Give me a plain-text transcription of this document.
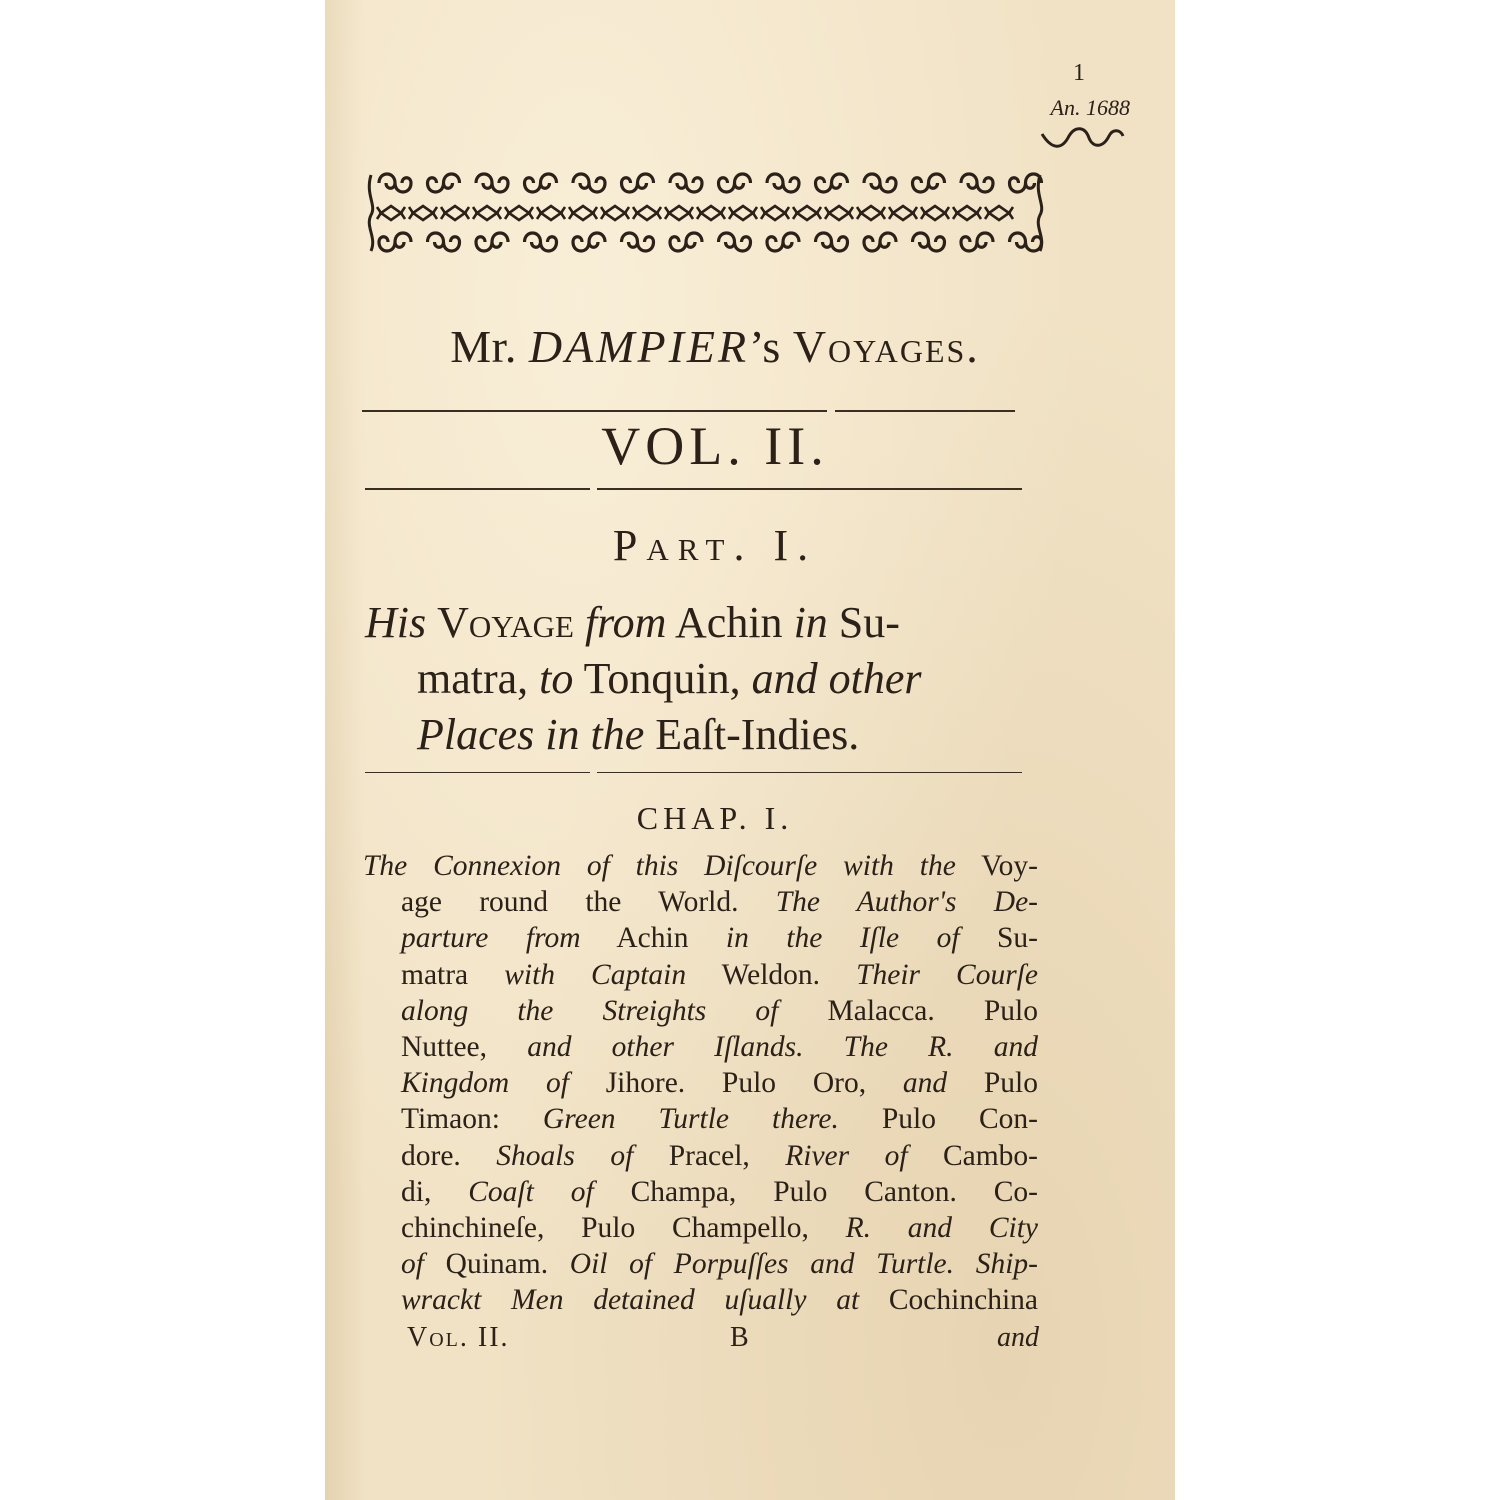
1
An. 1688
Mr. DAMPIER’s Voyages.
VOL. II.
Part. I.
His Voyage from Achin in Su-
matra, to Tonquin, and other
Places in the Eaſt-Indies.
CHAP. I.
The Connexion of this Diſcourſe with the Voy-
age round the World. The Author's De-
parture from Achin in the Iſle of Su-
matra with Captain Weldon. Their Courſe
along the Streights of Malacca. Pulo
Nuttee, and other Iſlands. The R. and
Kingdom of Jihore. Pulo Oro, and Pulo
Timaon: Green Turtle there. Pulo Con-
dore. Shoals of Pracel, River of Cambo-
di, Coaſt of Champa, Pulo Canton. Co-
chinchineſe, Pulo Champello, R. and City
of Quinam. Oil of Porpuſſes and Turtle. Ship-
wrackt Men detained uſually at Cochinchina
Vol. II.	B	and
